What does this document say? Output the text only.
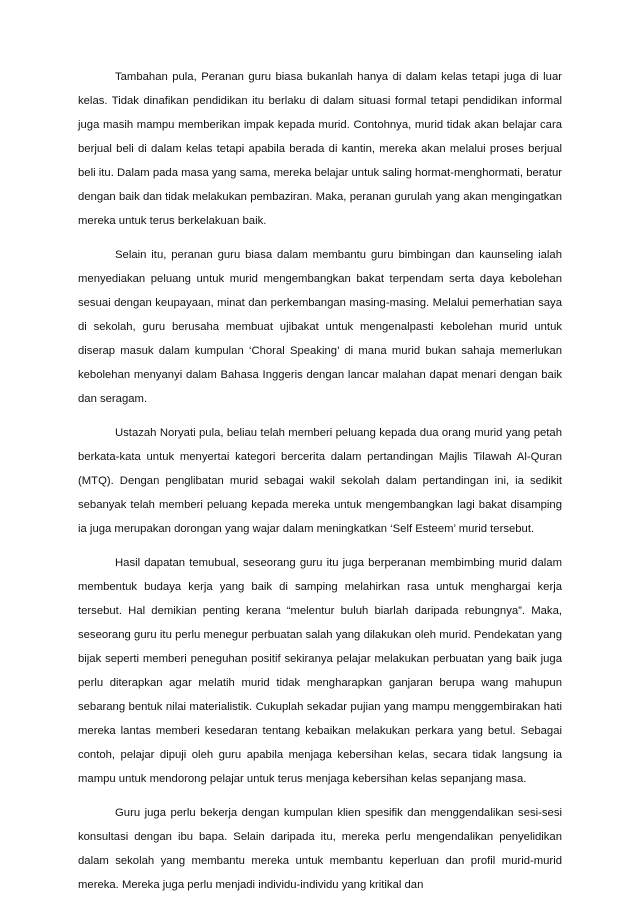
Tambahan pula, Peranan guru biasa bukanlah hanya di dalam kelas tetapi juga di luar kelas. Tidak dinafikan pendidikan itu berlaku di dalam situasi formal tetapi pendidikan informal juga masih mampu memberikan impak kepada murid. Contohnya, murid tidak akan belajar cara berjual beli di dalam kelas tetapi apabila berada di kantin, mereka akan melalui proses berjual beli itu. Dalam pada masa yang sama, mereka belajar untuk saling hormat-menghormati, beratur dengan baik dan tidak melakukan pembaziran. Maka, peranan gurulah yang akan mengingatkan mereka untuk terus berkelakuan baik.

Selain itu, peranan guru biasa dalam membantu guru bimbingan dan kaunseling ialah menyediakan peluang untuk murid mengembangkan bakat terpendam serta daya kebolehan sesuai dengan keupayaan, minat dan perkembangan masing-masing. Melalui pemerhatian saya di sekolah, guru berusaha membuat ujibakat untuk mengenalpasti kebolehan murid untuk diserap masuk dalam kumpulan ‘Choral Speaking’ di mana murid bukan sahaja memerlukan kebolehan menyanyi dalam Bahasa Inggeris dengan lancar malahan dapat menari dengan baik dan seragam.

Ustazah Noryati pula, beliau telah memberi peluang kepada dua orang murid yang petah berkata-kata untuk menyertai kategori bercerita dalam pertandingan Majlis Tilawah Al-Quran (MTQ). Dengan penglibatan murid sebagai wakil sekolah dalam pertandingan ini, ia sedikit sebanyak telah memberi peluang kepada mereka untuk mengembangkan lagi bakat disamping ia juga merupakan dorongan yang wajar dalam meningkatkan ‘Self Esteem’ murid tersebut.

Hasil dapatan temubual, seseorang guru itu juga berperanan membimbing murid dalam membentuk budaya kerja yang baik di samping melahirkan rasa untuk menghargai kerja tersebut. Hal demikian penting kerana “melentur buluh biarlah daripada rebungnya”. Maka, seseorang guru itu perlu menegur perbuatan salah yang dilakukan oleh murid. Pendekatan yang bijak seperti memberi peneguhan positif sekiranya pelajar melakukan perbuatan yang baik juga perlu diterapkan agar melatih murid tidak mengharapkan ganjaran berupa wang mahupun sebarang bentuk nilai materialistik. Cukuplah sekadar pujian yang mampu menggembirakan hati mereka lantas memberi kesedaran tentang kebaikan melakukan perkara yang betul. Sebagai contoh, pelajar dipuji oleh guru apabila menjaga kebersihan kelas, secara tidak langsung ia mampu untuk mendorong pelajar untuk terus menjaga kebersihan kelas sepanjang masa.

Guru juga perlu bekerja dengan kumpulan klien spesifik dan menggendalikan sesi-sesi konsultasi dengan ibu bapa. Selain daripada itu, mereka perlu mengendalikan penyelidikan dalam sekolah yang membantu mereka untuk membantu keperluan dan profil murid-murid mereka. Mereka juga perlu menjadi individu-individu yang kritikal dan
